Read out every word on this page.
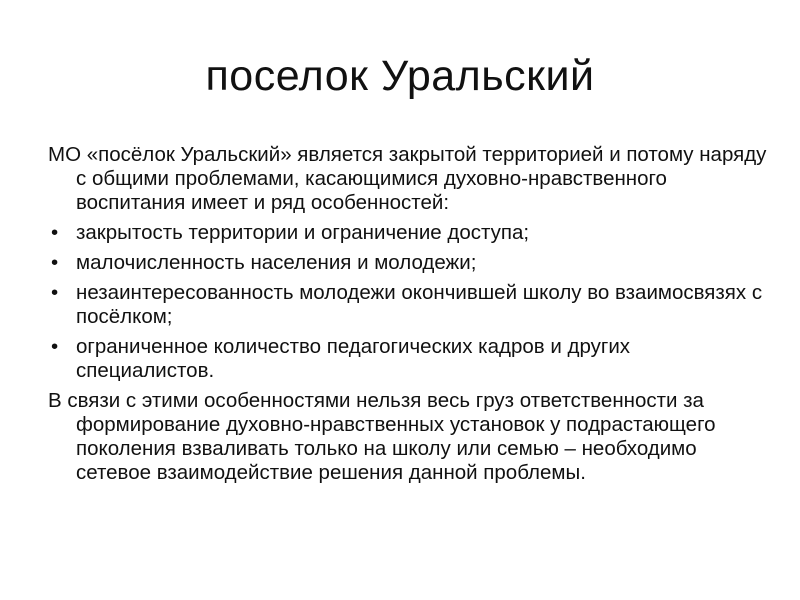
поселок Уральский

МО «посёлок Уральский» является закрытой территорией и потому наряду с общими проблемами, касающимися духовно-нравственного воспитания имеет и ряд особенностей:

• закрытость территории и ограничение доступа;
• малочисленность населения и молодежи;
• незаинтересованность молодежи окончившей школу во взаимосвязях с посёлком;
• ограниченное количество педагогических кадров и других специалистов.

В связи с этими особенностями нельзя весь груз ответственности за формирование духовно-нравственных установок у подрастающего поколения взваливать только на школу или семью – необходимо сетевое взаимодействие решения данной проблемы.
